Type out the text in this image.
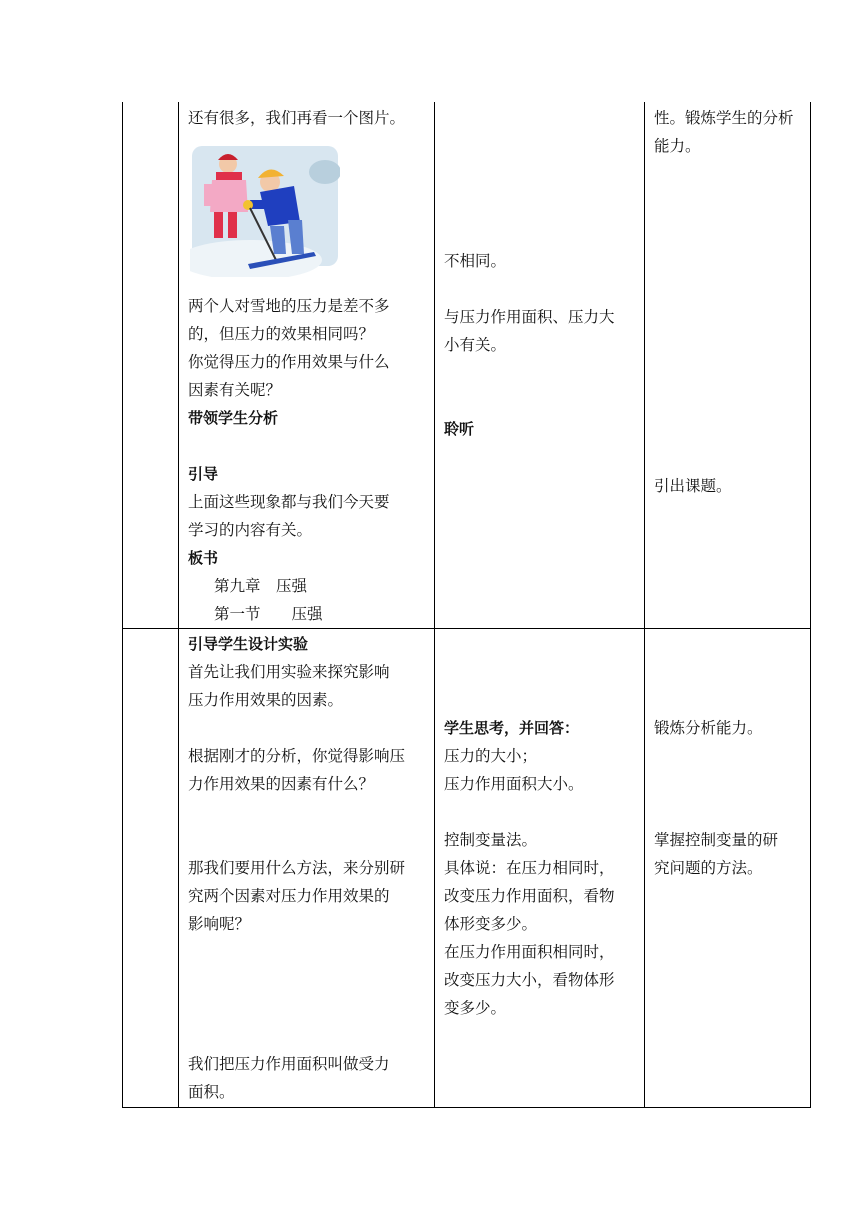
还有很多，我们再看一个图片。
两个人对雪地的压力是差不多
的，但压力的效果相同吗？
你觉得压力的作用效果与什么
因素有关呢？
带领学生分析
引导
上面这些现象都与我们今天要
学习的内容有关。
板书
第九章　压强
第一节　　压强
不相同。
与压力作用面积、压力大
小有关。
聆听
性。锻炼学生的分析
能力。
引出课题。
引导学生设计实验
首先让我们用实验来探究影响
压力作用效果的因素。
根据刚才的分析，你觉得影响压
力作用效果的因素有什么？
那我们要用什么方法，来分别研
究两个因素对压力作用效果的
影响呢？
我们把压力作用面积叫做受力
面积。
学生思考，并回答：
压力的大小；
压力作用面积大小。
控制变量法。
具体说：在压力相同时，
改变压力作用面积，看物
体形变多少。
在压力作用面积相同时，
改变压力大小，看物体形
变多少。
锻炼分析能力。
掌握控制变量的研
究问题的方法。
